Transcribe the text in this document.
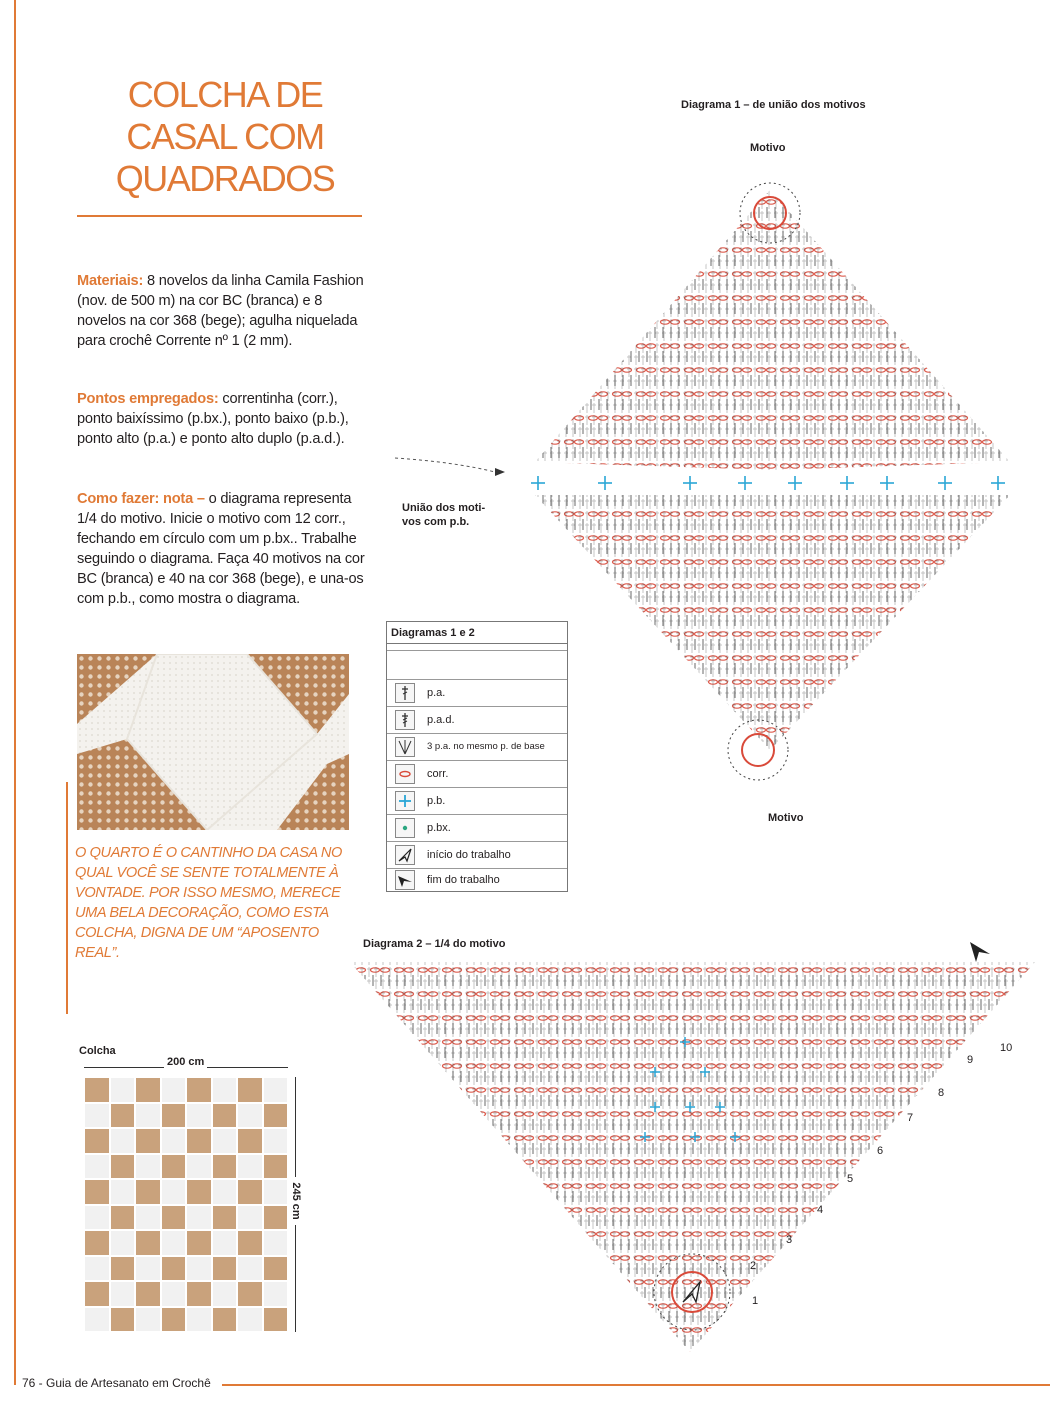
COLCHA DE
CASAL COM
QUADRADOS
Materiais: 8 novelos da linha Camila Fashion (nov. de 500 m) na cor BC (branca) e 8 novelos na cor 368 (bege); agulha niquelada para crochê Corrente nº 1 (2 mm).
Pontos empregados: correntinha (corr.), ponto baixíssimo (p.bx.), ponto baixo (p.b.), ponto alto (p.a.) e ponto alto duplo (p.a.d.).
Como fazer: nota – o diagrama representa 1/4 do motivo. Inicie o motivo com 12 corr., fechando em círculo com um p.bx.. Trabalhe seguindo o diagrama. Faça 40 motivos na cor BC (branca) e 40 na cor 368 (bege), e una-os com p.b., como mostra o diagrama.
O QUARTO É O CANTINHO DA CASA NO QUAL VOCÊ SE SENTE TOTALMENTE À VONTADE. POR ISSO MESMO, MERECE UMA BELA DECORAÇÃO, COMO ESTA COLCHA, DIGNA DE UM “APOSENTO REAL”.
Diagrama 1 – de união dos motivos
Motivo
Motivo
União dos moti-
vos com p.b.
Diagramas 1 e 2
p.a.
p.a.d.
3 p.a. no mesmo p. de base
corr.
p.b.
p.bx.
início do trabalho
fim do trabalho
Diagrama 2 – 1/4 do motivo
1
2
3
4
5
6
7
8
9
10
Colcha
200 cm
245 cm
76 - Guia de Artesanato em Crochê
